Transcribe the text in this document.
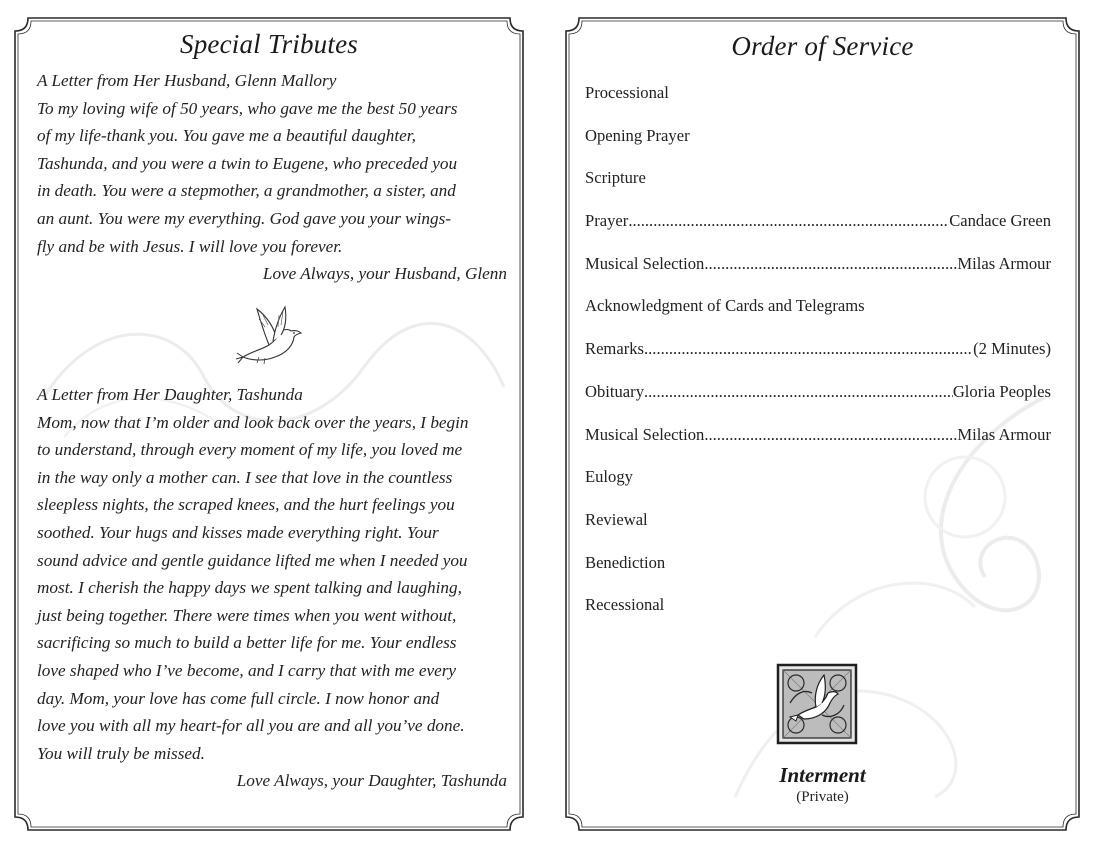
Special Tributes
A Letter from Her Husband, Glenn Mallory
To my loving wife of 50 years, who gave me the best 50 years
of my life-thank you. You gave me a beautiful daughter,
Tashunda, and you were a twin to Eugene, who preceded you
in death. You were a stepmother, a grandmother, a sister, and
an aunt. You were my everything. God gave you your wings-
fly and be with Jesus. I will love you forever.
Love Always, your Husband, Glenn
A Letter from Her Daughter, Tashunda
Mom, now that I’m older and look back over the years, I begin
to understand, through every moment of my life, you loved me
in the way only a mother can. I see that love in the countless
sleepless nights, the scraped knees, and the hurt feelings you
soothed. Your hugs and kisses made everything right. Your
sound advice and gentle guidance lifted me when I needed you
most. I cherish the happy days we spent talking and laughing,
just being together. There were times when you went without,
sacrificing so much to build a better life for me. Your endless
love shaped who I’ve become, and I carry that with me every
day. Mom, your love has come full circle. I now honor and
love you with all my heart-for all you are and all you’ve done.
You will truly be missed.
Love Always, your Daughter, Tashunda
Order of Service
Processional
Opening Prayer
Scripture
Prayer .....	Candace Green
Musical Selection .....	Milas Armour
Acknowledgment of Cards and Telegrams
Remarks .....	(2 Minutes)
Obituary .....	Gloria Peoples
Musical Selection .....	Milas Armour
Eulogy
Reviewal
Benediction
Recessional
Interment
(Private)
